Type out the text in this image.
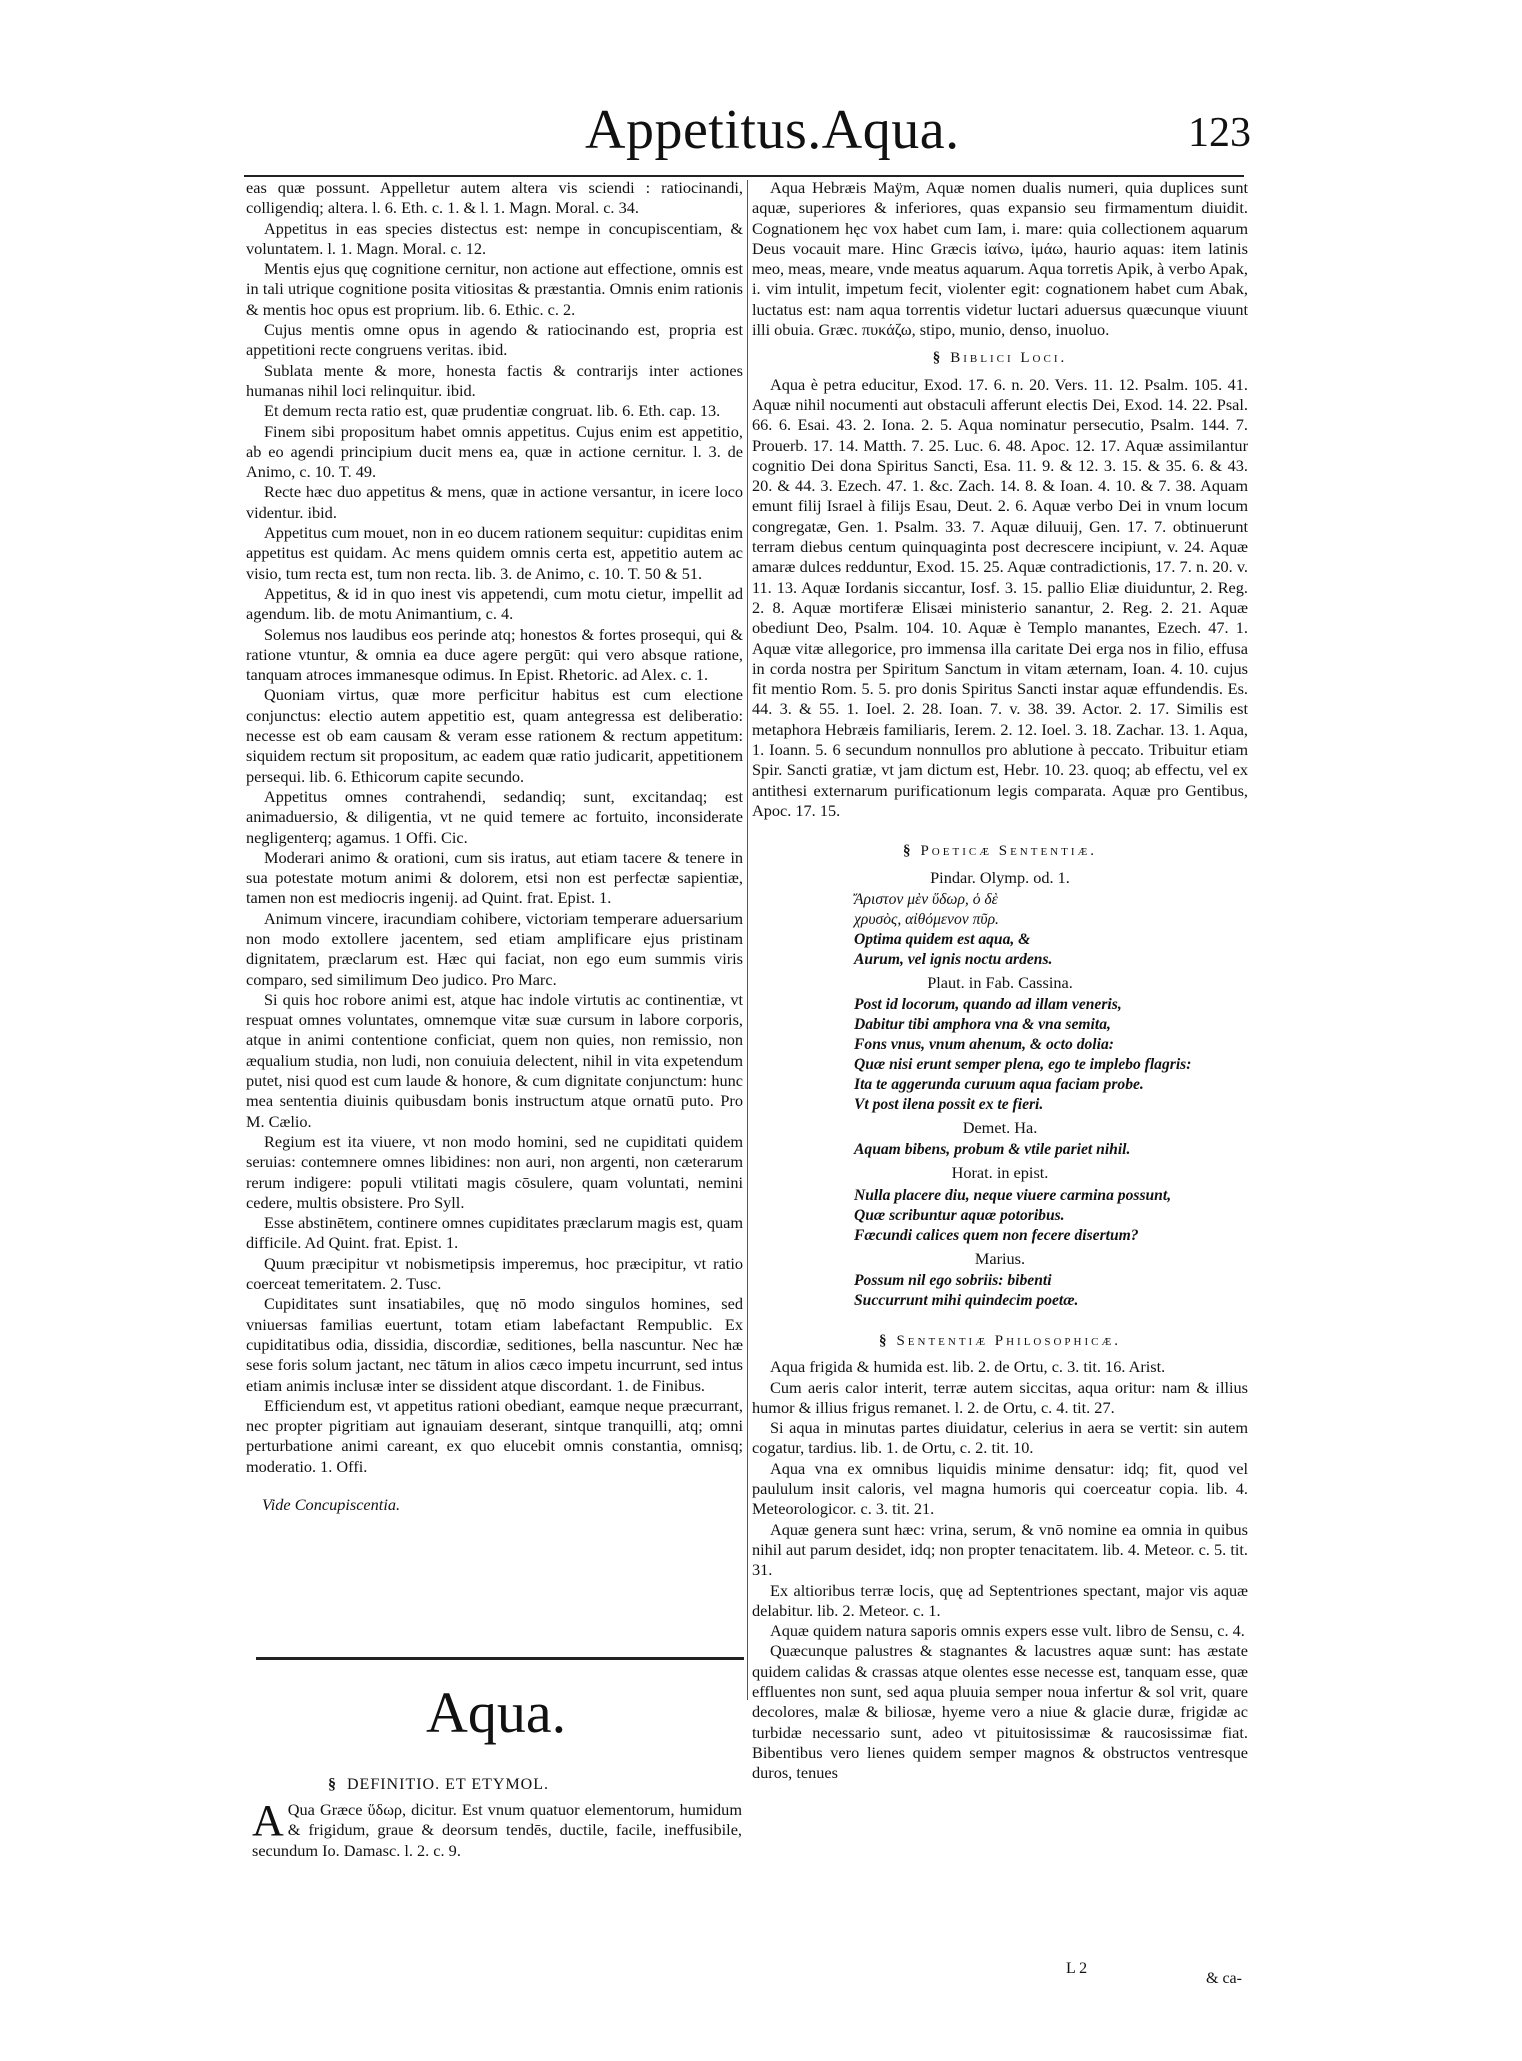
Appetitus.Aqua.	123

eas quæ possunt. Appelletur autem altera vis sciendi : ratiocinandi, colligendiq; altera. l. 6. Eth. c. 1. & l. 1. Magn. Moral. c. 34.

Appetitus in eas species distectus est: nempe in concupiscentiam, & voluntatem. l. 1. Magn. Moral. c. 12.

Mentis ejus quę cognitione cernitur, non actione aut effectione, omnis est in tali utrique cognitione posita vitiositas & præstantia. Omnis enim rationis & mentis hoc opus est proprium. lib. 6. Ethic. c. 2.

Cujus mentis omne opus in agendo & ratiocinando est, propria est appetitioni recte congruens veritas. ibid.

Sublata mente & more, honesta factis & contrarijs inter actiones humanas nihil loci relinquitur. ibid.

Et demum recta ratio est, quæ prudentiæ congruat. lib. 6. Eth. cap. 13.

Finem sibi propositum habet omnis appetitus. Cujus enim est appetitio, ab eo agendi principium ducit mens ea, quæ in actione cernitur. l. 3. de Animo, c. 10. T. 49.

Recte hæc duo appetitus & mens, quæ in actione versantur, in icere loco videntur. ibid.

Appetitus cum mouet, non in eo ducem rationem sequitur: cupiditas enim appetitus est quidam. Ac mens quidem omnis certa est, appetitio autem ac visio, tum recta est, tum non recta. lib. 3. de Animo, c. 10. T. 50 & 51.

Appetitus, & id in quo inest vis appetendi, cum motu cietur, impellit ad agendum. lib. de motu Animantium, c. 4.

Solemus nos laudibus eos perinde atq; honestos & fortes prosequi, qui & ratione vtuntur, & omnia ea duce agere pergūt: qui vero absque ratione, tanquam atroces immanesque odimus. In Epist. Rhetoric. ad Alex. c. 1.

Quoniam virtus, quæ more perficitur habitus est cum electione conjunctus: electio autem appetitio est, quam antegressa est deliberatio: necesse est ob eam causam & veram esse rationem & rectum appetitum: siquidem rectum sit propositum, ac eadem quæ ratio judicarit, appetitionem persequi. lib. 6. Ethicorum capite secundo.

Appetitus omnes contrahendi, sedandiq; sunt, excitandaq; est animaduersio, & diligentia, vt ne quid temere ac fortuito, inconsiderate negligenterq; agamus. 1 Offi. Cic.

Moderari animo & orationi, cum sis iratus, aut etiam tacere & tenere in sua potestate motum animi & dolorem, etsi non est perfectæ sapientiæ, tamen non est mediocris ingenij. ad Quint. frat. Epist. 1.

Animum vincere, iracundiam cohibere, victoriam temperare aduersarium non modo extollere jacentem, sed etiam amplificare ejus pristinam dignitatem, præclarum est. Hæc qui faciat, non ego eum summis viris comparo, sed similimum Deo judico. Pro Marc.

Si quis hoc robore animi est, atque hac indole virtutis ac continentiæ, vt respuat omnes voluntates, omnemque vitæ suæ cursum in labore corporis, atque in animi contentione conficiat, quem non quies, non remissio, non æqualium studia, non ludi, non conuiuia delectent, nihil in vita expetendum putet, nisi quod est cum laude & honore, & cum dignitate conjunctum: hunc mea sententia diuinis quibusdam bonis instructum atque ornatū puto. Pro M. Cælio.

Regium est ita viuere, vt non modo homini, sed ne cupiditati quidem seruias: contemnere omnes libidines: non auri, non argenti, non cæterarum rerum indigere: populi vtilitati magis cōsulere, quam voluntati, nemini cedere, multis obsistere. Pro Syll.

Esse abstinētem, continere omnes cupiditates præclarum magis est, quam difficile. Ad Quint. frat. Epist. 1.

Quum præcipitur vt nobismetipsis imperemus, hoc præcipitur, vt ratio coerceat temeritatem. 2. Tusc.

Cupiditates sunt insatiabiles, quę nō modo singulos homines, sed vniuersas familias euertunt, totam etiam labefactant Rempublic. Ex cupiditatibus odia, dissidia, discordiæ, seditiones, bella nascuntur. Nec hæ sese foris solum jactant, nec tātum in alios cæco impetu incurrunt, sed intus etiam animis inclusæ inter se dissident atque discordant. 1. de Finibus.

Efficiendum est, vt appetitus rationi obediant, eamque neque præcurrant, nec propter pigritiam aut ignauiam deserant, sintque tranquilli, atq; omni perturbatione animi careant, ex quo elucebit omnis constantia, omnisq; moderatio. 1. Offi.

Vide Concupiscentia.

Aqua.
§ DEFINITIO. ET ETYMOL.
A Qua Græce ὕδωρ, dicitur. Est vnum quatuor elementorum, humidum & frigidum, graue & deorsum tendēs, ductile, facile, ineffusibile, secundum Io. Damasc. l. 2. c. 9.

Aqua Hebræis Maÿm, Aquæ nomen dualis numeri, quia duplices sunt aquæ, superiores & inferiores, quas expansio seu firmamentum diuidit. Cognationem hęc vox habet cum Iam, i. mare: quia collectionem aquarum Deus vocauit mare. Hinc Græcis ἰαίνω, ἰμάω, haurio aquas: item latinis meo, meas, meare, vnde meatus aquarum. Aqua torretis Apik, à verbo Apak, i. vim intulit, impetum fecit, violenter egit: cognationem habet cum Abak, luctatus est: nam aqua torrentis videtur luctari aduersus quæcunque viuunt illi obuia. Græc. πυκάζω, stipo, munio, denso, inuoluo.

§ Biblici Loci.

Aqua è petra educitur, Exod. 17. 6. n. 20. Vers. 11. 12. Psalm. 105. 41. Aquæ nihil nocumenti aut obstaculi afferunt electis Dei, Exod. 14. 22. Psal. 66. 6. Esai. 43. 2. Iona. 2. 5. Aqua nominatur persecutio, Psalm. 144. 7. Prouerb. 17. 14. Matth. 7. 25. Luc. 6. 48. Apoc. 12. 17. Aquæ assimilantur cognitio Dei dona Spiritus Sancti, Esa. 11. 9. & 12. 3. 15. & 35. 6. & 43. 20. & 44. 3. Ezech. 47. 1. &c. Zach. 14. 8. & Ioan. 4. 10. & 7. 38. Aquam emunt filij Israel à filijs Esau, Deut. 2. 6. Aquæ verbo Dei in vnum locum congregatæ, Gen. 1. Psalm. 33. 7. Aquæ diluuij, Gen. 17. 7. obtinuerunt terram diebus centum quinquaginta post decrescere incipiunt, v. 24. Aquæ amaræ dulces redduntur, Exod. 15. 25. Aquæ contradictionis, 17. 7. n. 20. v. 11. 13. Aquæ Iordanis siccantur, Iosf. 3. 15. pallio Eliæ diuiduntur, 2. Reg. 2. 8. Aquæ mortiferæ Elisæi ministerio sanantur, 2. Reg. 2. 21. Aquæ obediunt Deo, Psalm. 104. 10. Aquæ è Templo manantes, Ezech. 47. 1. Aquæ vitæ allegorice, pro immensa illa caritate Dei erga nos in filio, effusa in corda nostra per Spiritum Sanctum in vitam æternam, Ioan. 4. 10. cujus fit mentio Rom. 5. 5. pro donis Spiritus Sancti instar aquæ effundendis. Es. 44. 3. & 55. 1. Ioel. 2. 28. Ioan. 7. v. 38. 39. Actor. 2. 17. Similis est metaphora Hebræis familiaris, Ierem. 2. 12. Ioel. 3. 18. Zachar. 13. 1. Aqua, 1. Ioann. 5. 6 secundum nonnullos pro ablutione à peccato. Tribuitur etiam Spir. Sancti gratiæ, vt jam dictum est, Hebr. 10. 23. quoq; ab effectu, vel ex antithesi externarum purificationum legis comparata. Aquæ pro Gentibus, Apoc. 17. 15.

§ Poeticæ Sententiæ.
Pindar. Olymp. od. 1.
Ἄριστον μὲν ὕδωρ, ὁ δὲ
χρυσὸς, αἰθόμενον πῦρ.
Optima quidem est aqua, &
Aurum, vel ignis noctu ardens.
Plaut. in Fab. Cassina.
Post id locorum, quando ad illam veneris,
Dabitur tibi amphora vna & vna semita,
Fons vnus, vnum ahenum, & octo dolia:
Quæ nisi erunt semper plena, ego te implebo flagris:
Ita te aggerunda curuum aqua faciam probe.
Vt post ilena possit ex te fieri.
Demet. Ha.
Aquam bibens, probum & vtile pariet nihil.
Horat. in epist.
Nulla placere diu, neque viuere carmina possunt,
Quæ scribuntur aquæ potoribus.
Fæcundi calices quem non fecere disertum?
Marius.
Possum nil ego sobriis: bibenti
Succurrunt mihi quindecim poetæ.
§ Sententiæ Philosophicæ.

Aqua frigida & humida est. lib. 2. de Ortu, c. 3. tit. 16. Arist.

Cum aeris calor interit, terræ autem siccitas, aqua oritur: nam & illius humor & illius frigus remanet. l. 2. de Ortu, c. 4. tit. 27.

Si aqua in minutas partes diuidatur, celerius in aera se vertit: sin autem cogatur, tardius. lib. 1. de Ortu, c. 2. tit. 10.

Aqua vna ex omnibus liquidis minime densatur: idq; fit, quod vel paululum insit caloris, vel magna humoris qui coerceatur copia. lib. 4. Meteorologicor. c. 3. tit. 21.

Aquæ genera sunt hæc: vrina, serum, & vnō nomine ea omnia in quibus nihil aut parum desidet, idq; non propter tenacitatem. lib. 4. Meteor. c. 5. tit. 31.

Ex altioribus terræ locis, quę ad Septentriones spectant, major vis aquæ delabitur. lib. 2. Meteor. c. 1.

Aquæ quidem natura saporis omnis expers esse vult. libro de Sensu, c. 4.

Quæcunque palustres & stagnantes & lacustres aquæ sunt: has æstate quidem calidas & crassas atque olentes esse necesse est, tanquam esse, quæ effluentes non sunt, sed aqua pluuia semper noua infertur & sol vrit, quare decolores, malæ & biliosæ, hyeme vero a niue & glacie duræ, frigidæ ac turbidæ necessario sunt, adeo vt pituitosissimæ & raucosissimæ fiat. Bibentibus vero lienes quidem semper magnos & obstructos ventresque duros, tenues

L 2
& ca-
